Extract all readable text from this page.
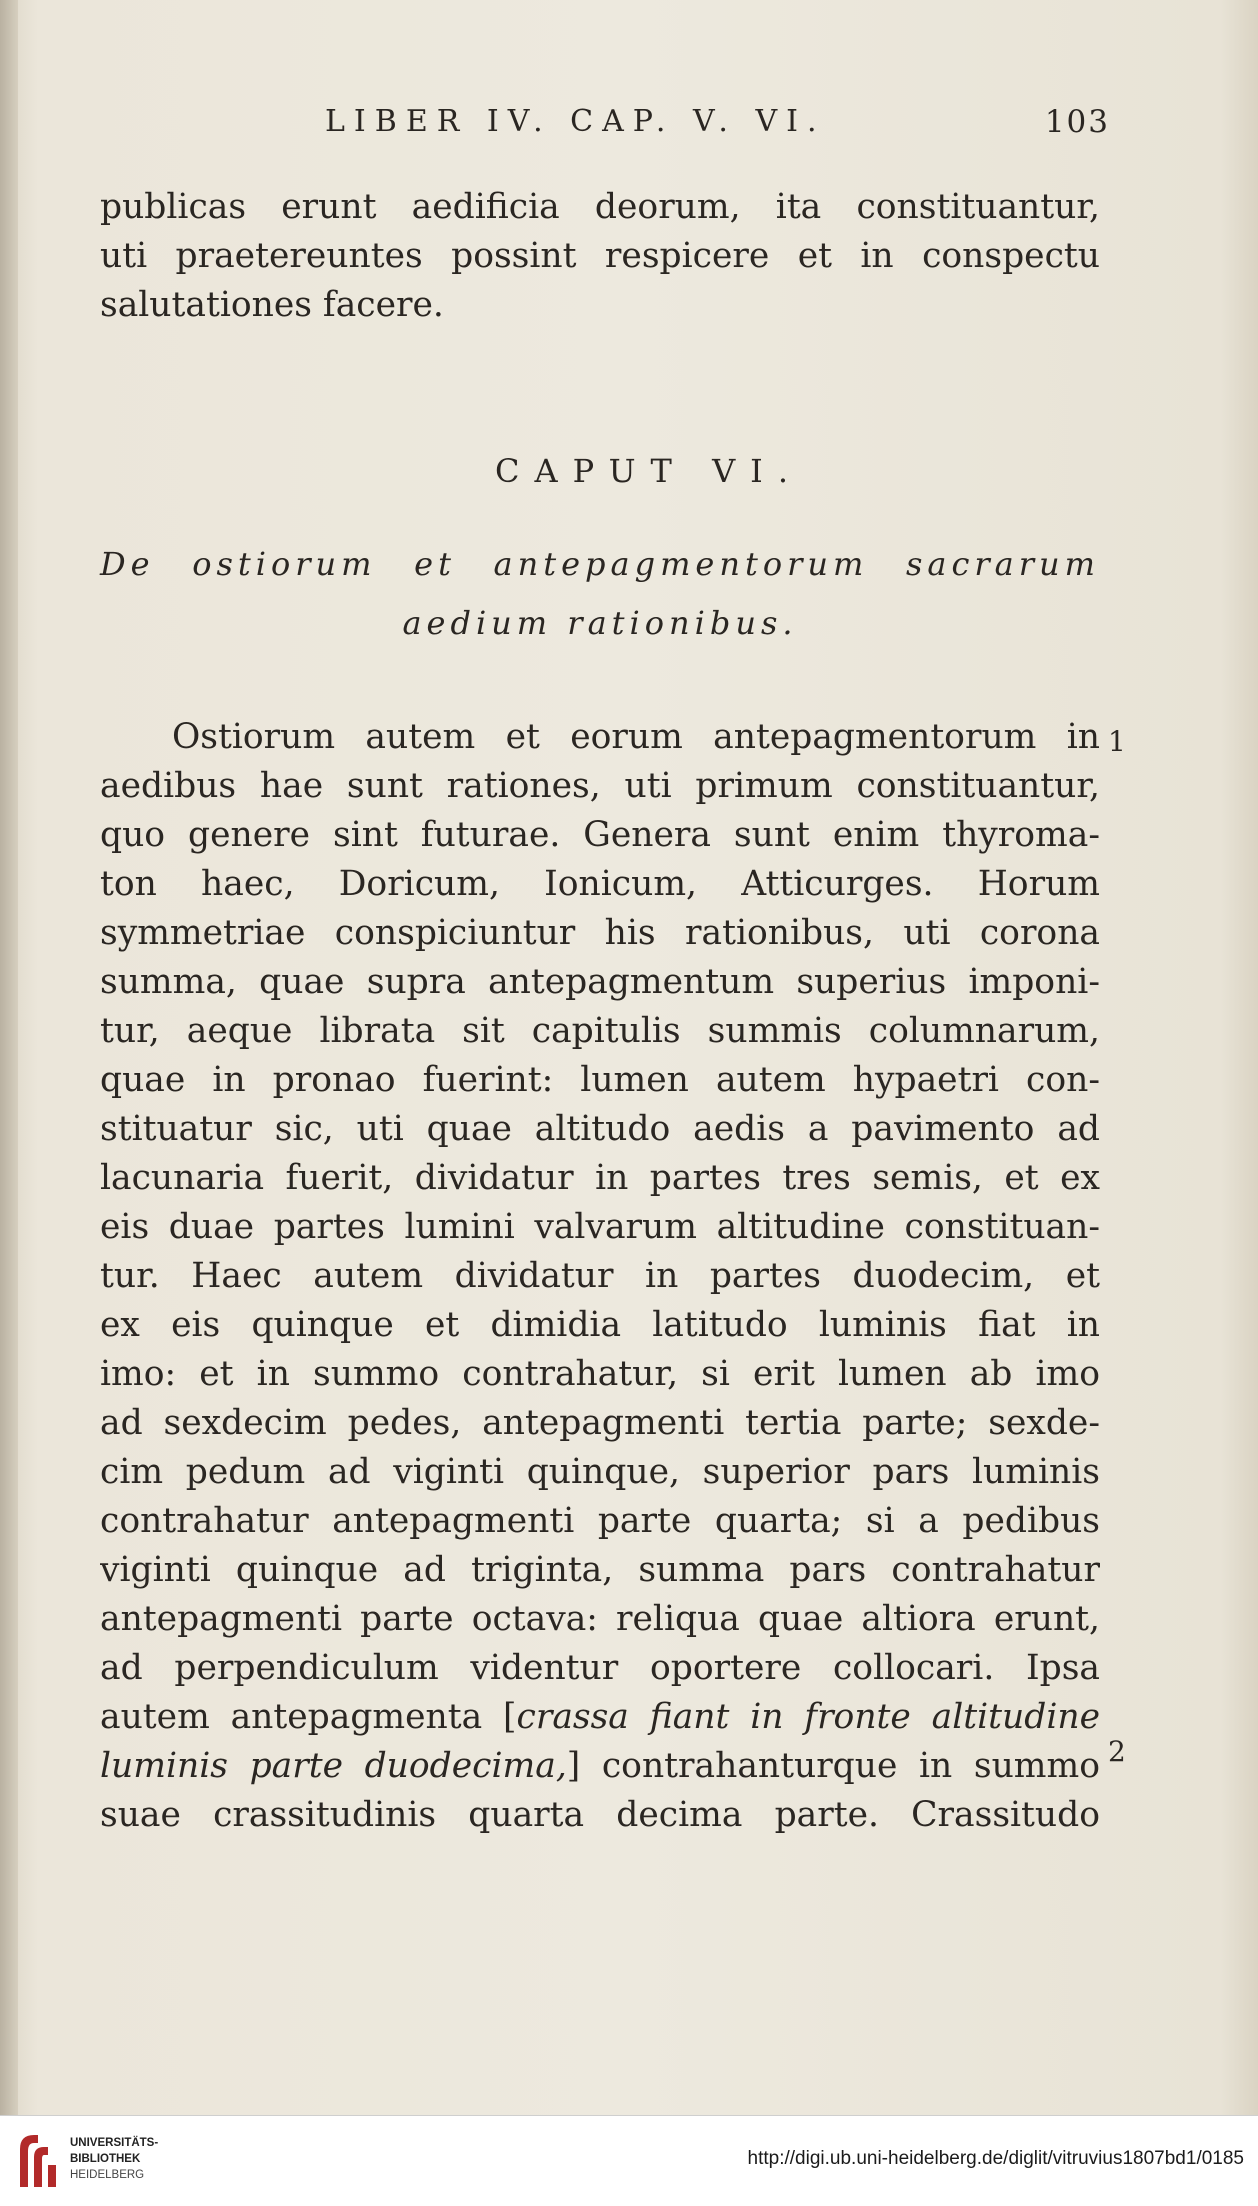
LIBER IV. CAP. V. VI.	103
publicas erunt aedificia deorum, ita constituantur,
uti praetereuntes possint respicere et in conspectu
salutationes facere.
CAPUT VI.
De ostiorum et antepagmentorum sacrarum
aedium rationibus.
1
2
Ostiorum autem et eorum antepagmentorum in
aedibus hae sunt rationes, uti primum constituantur,
quo genere sint futurae. Genera sunt enim thyroma-
ton haec, Doricum, Ionicum, Atticurges. Horum
symmetriae conspiciuntur his rationibus, uti corona
summa, quae supra antepagmentum superius imponi-
tur, aeque librata sit capitulis summis columnarum,
quae in pronao fuerint: lumen autem hypaetri con-
stituatur sic, uti quae altitudo aedis a pavimento ad
lacunaria fuerit, dividatur in partes tres semis, et ex
eis duae partes lumini valvarum altitudine constituan-
tur. Haec autem dividatur in partes duodecim, et
ex eis quinque et dimidia latitudo luminis fiat in
imo: et in summo contrahatur, si erit lumen ab imo
ad sexdecim pedes, antepagmenti tertia parte; sexde-
cim pedum ad viginti quinque, superior pars luminis
contrahatur antepagmenti parte quarta; si a pedibus
viginti quinque ad triginta, summa pars contrahatur
antepagmenti parte octava: reliqua quae altiora erunt,
ad perpendiculum videntur oportere collocari. Ipsa
autem antepagmenta [crassa fiant in fronte altitudine
luminis parte duodecima,] contrahanturque in summo
suae crassitudinis quarta decima parte. Crassitudo
UNIVERSITÄTS-
BIBLIOTHEK
HEIDELBERG
http://digi.ub.uni-heidelberg.de/diglit/vitruvius1807bd1/0185
